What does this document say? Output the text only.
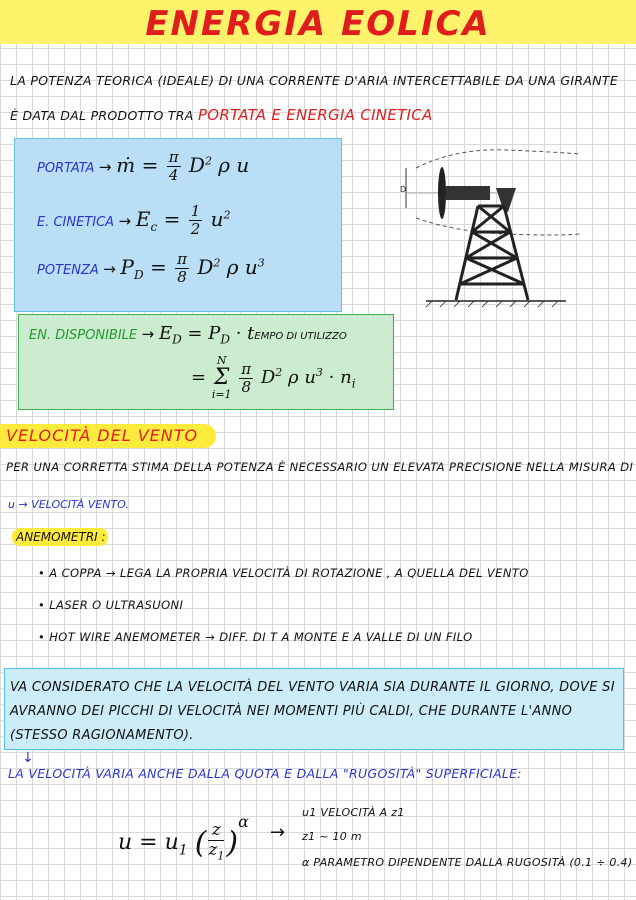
ENERGIA EOLICA
LA POTENZA TEORICA (IDEALE) DI UNA CORRENTE D'ARIA INTERCETTABILE DA UNA GIRANTE È DATA DAL PRODOTTO TRA PORTATA E ENERGIA CINETICA
PORTATA → ṁ = $\frac{\pi}{4} D^2$ ρ u
E. CINETICA → $E_c = \frac{1}{2} u^2$
POTENZA → $P_D = \frac{\pi}{8} D^2$ ρ $u^3$
EN. DISPONIBILE → $E_D = P_D$ · tEMPO DI UTILIZZO
=
N
Σ
i=1
$\frac{\pi}{8} D^2$ ρ $u^3 \cdot n_i$
D
VELOCITÀ DEL VENTO
PER UNA CORRETTA STIMA DELLA POTENZA È NECESSARIO UN ELEVATA PRECISIONE NELLA MISURA DI
u → VELOCITÀ VENTO.
ANEMOMETRI :
• A COPPA → LEGA LA PROPRIA VELOCITÀ DI ROTAZIONE , A QUELLA DEL VENTO
• LASER O ULTRASUONI
• HOT WIRE ANEMOMETER → DIFF. DI T A MONTE E A VALLE DI UN FILO
VA CONSIDERATO CHE LA VELOCITÀ DEL VENTO VARIA SIA DURANTE IL GIORNO, DOVE SI AVRANNO DEI PICCHI DI VELOCITÀ NEI MOMENTI PIÙ CALDI, CHE DURANTE L'ANNO (STESSO RAGIONAMENTO).
↓
LA VELOCITÀ VARIA ANCHE DALLA QUOTA E DALLA "RUGOSITÀ" SUPERFICIALE:
$u = u_1$ ( $\frac{z}{z_1} )^\alpha$
→
u1 VELOCITÀ A z1
z1 ~ 10 m
α PARAMETRO DIPENDENTE DALLA RUGOSITÀ (0.1 ÷ 0.4)
